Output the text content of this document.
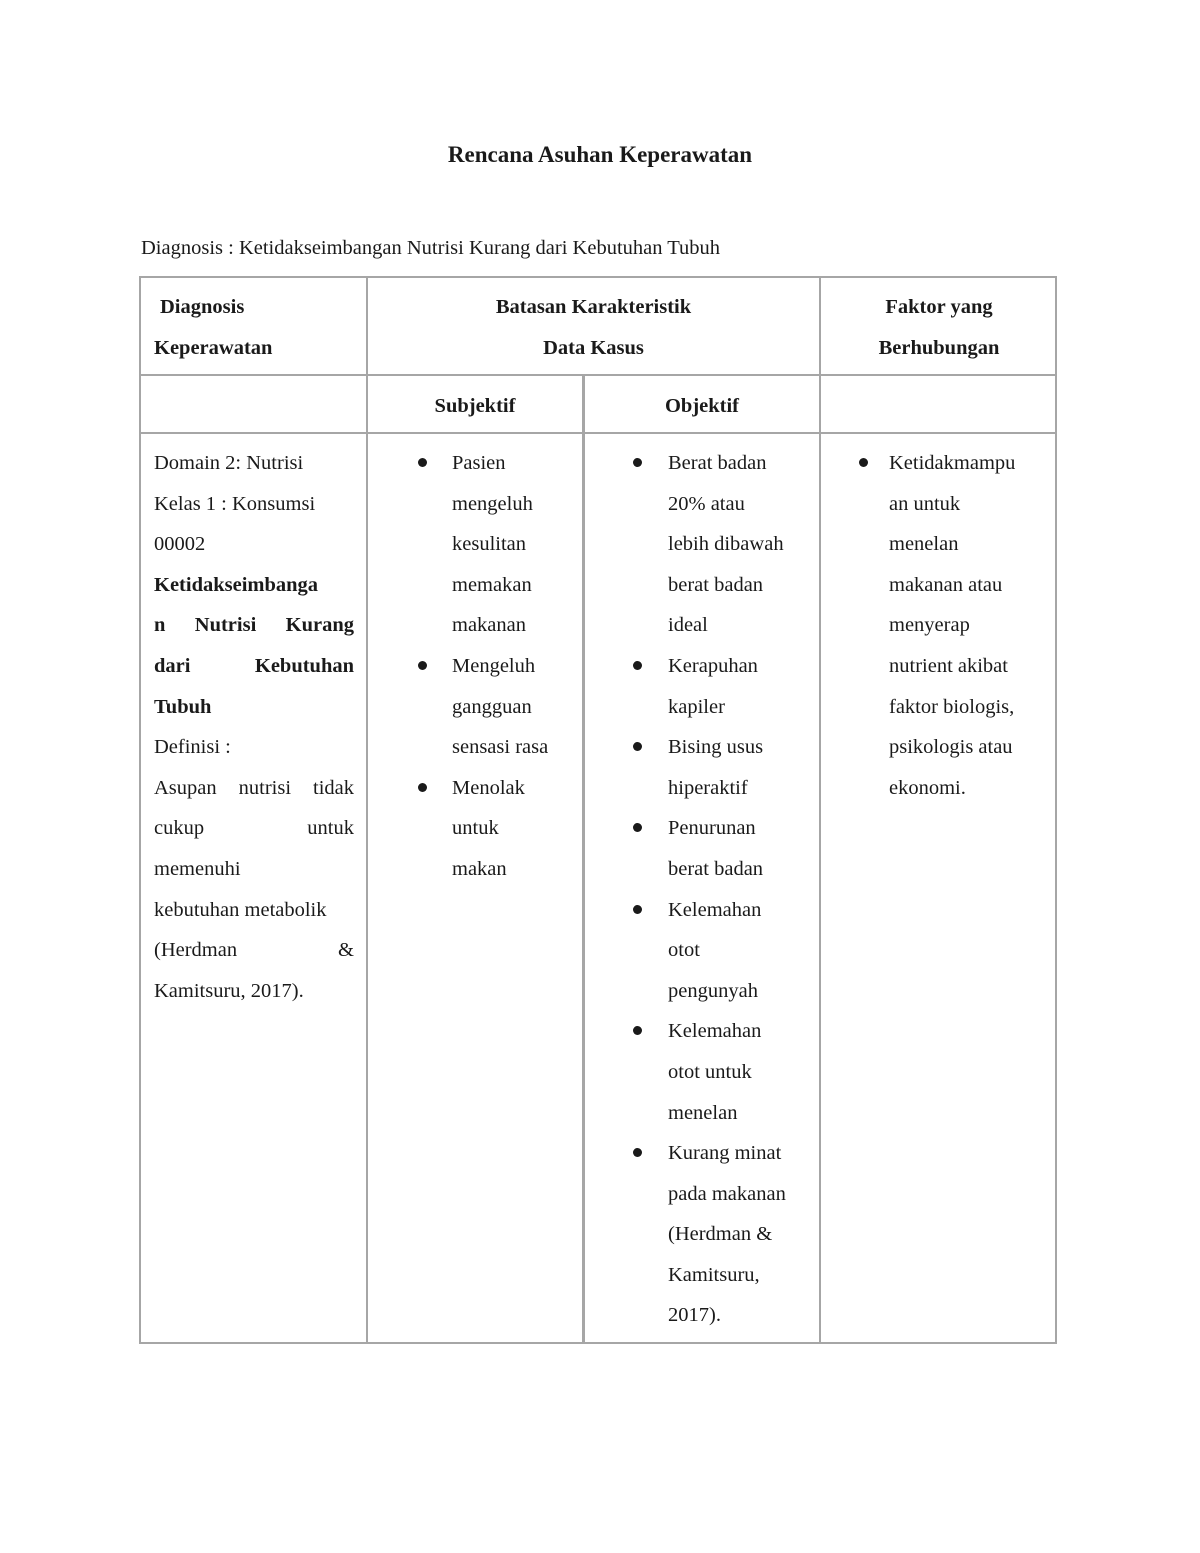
Rencana Asuhan Keperawatan
Diagnosis : Ketidakseimbangan Nutrisi Kurang dari Kebutuhan Tubuh
Diagnosis
Keperawatan
Batasan Karakteristik
Data Kasus
Faktor yang
Berhubungan
Subjektif	Objektif
Domain 2: Nutrisi
Kelas 1 : Konsumsi
00002
Ketidakseimbanga
n Nutrisi Kurang
dari Kebutuhan
Tubuh
Definisi :
Asupan nutrisi tidak
cukup untuk
memenuhi
kebutuhan metabolik
(Herdman &
Kamitsuru, 2017).
Pasien
mengeluh
kesulitan
memakan
makanan
Mengeluh
gangguan
sensasi rasa
Menolak
untuk
makan
Berat badan
20% atau
lebih dibawah
berat badan
ideal
Kerapuhan
kapiler
Bising usus
hiperaktif
Penurunan
berat badan
Kelemahan
otot
pengunyah
Kelemahan
otot untuk
menelan
Kurang minat
pada makanan
(Herdman &
Kamitsuru,
2017).
Ketidakmampu
an untuk
menelan
makanan atau
menyerap
nutrient akibat
faktor biologis,
psikologis atau
ekonomi.
